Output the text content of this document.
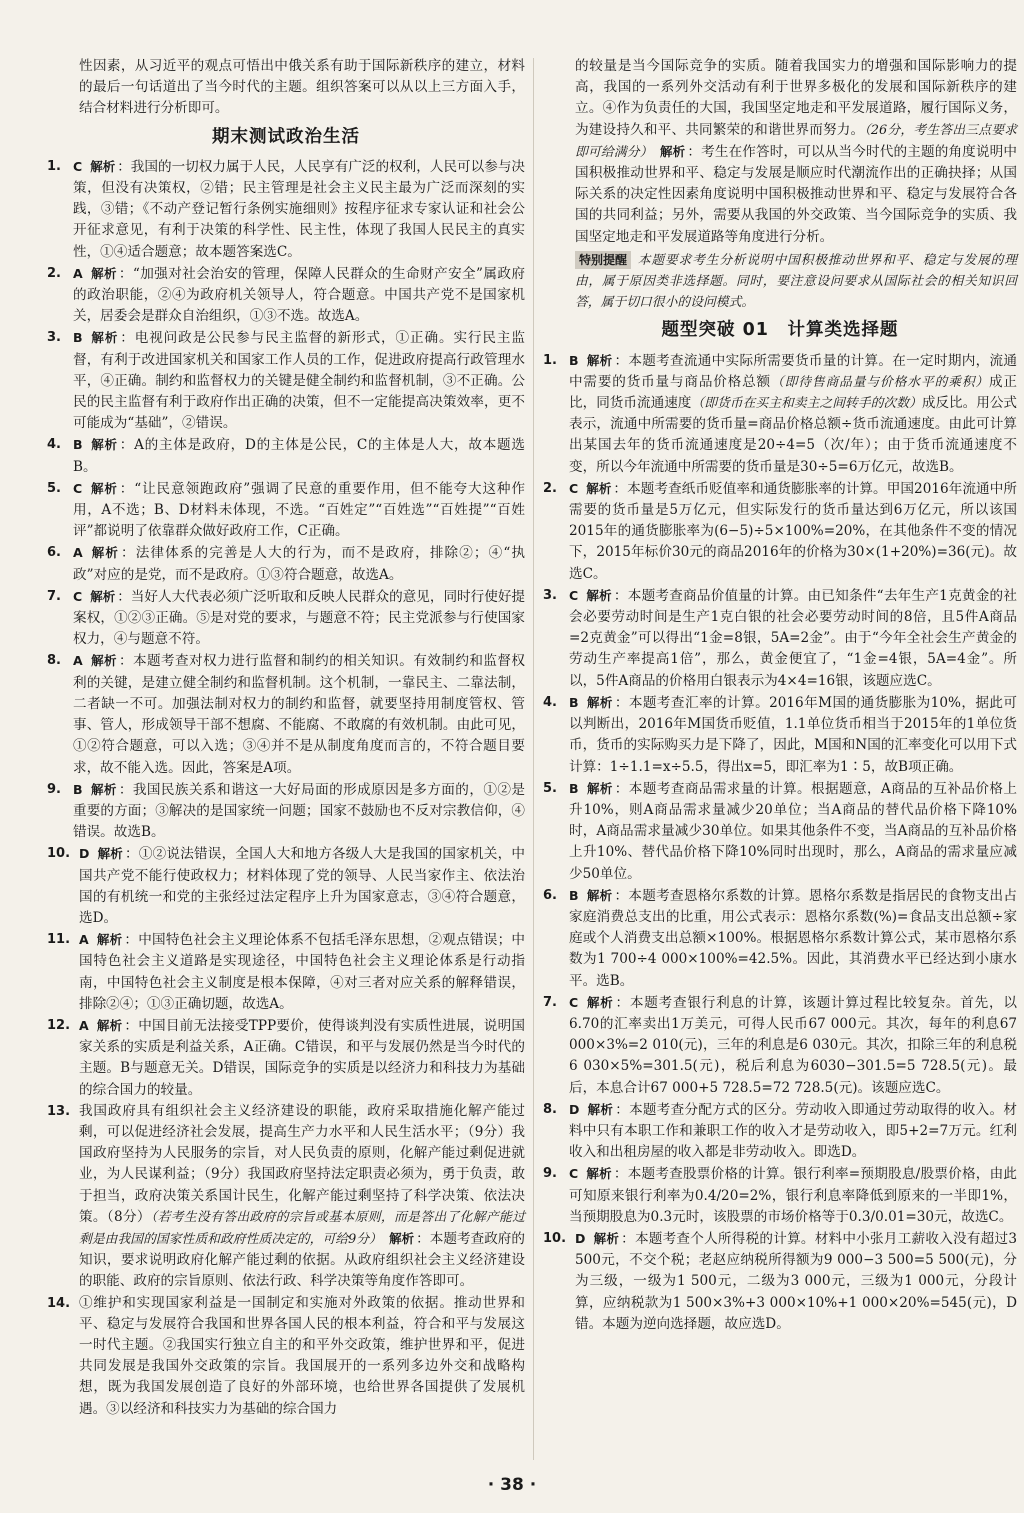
性因素，从习近平的观点可悟出中俄关系有助于国际新秩序的建立，材料的最后一句话道出了当今时代的主题。组织答案可以从以上三方面入手，结合材料进行分析即可。

期末测试政治生活
1. C 解析 ：我国的一切权力属于人民，人民享有广泛的权利，人民可以参与决策，但没有决策权，②错；民主管理是社会主义民主最为广泛而深刻的实践，③错；《不动产登记暂行条例实施细则》按程序征求专家认证和社会公开征求意见，有利于决策的科学性、民主性，体现了我国人民民主的真实性，①④适合题意；故本题答案选C。

2. A 解析 ：“加强对社会治安的管理，保障人民群众的生命财产安全”属政府的政治职能，②④为政府机关领导人，符合题意。中国共产党不是国家机关，居委会是群众自治组织，①③不选。故选A。

3. B 解析 ：电视问政是公民参与民主监督的新形式，①正确。实行民主监督，有利于改进国家机关和国家工作人员的工作，促进政府提高行政管理水平，④正确。制约和监督权力的关键是健全制约和监督机制，③不正确。公民的民主监督有利于政府作出正确的决策，但不一定能提高决策效率，更不可能成为“基础”，②错误。

4. B 解析 ：A的主体是政府，D的主体是公民，C的主体是人大，故本题选B。

5. C 解析 ：“让民意领跑政府”强调了民意的重要作用，但不能夸大这种作用，A不选；B、D材料未体现，不选。“百姓定”“百姓选”“百姓提”“百姓评”都说明了依靠群众做好政府工作，C正确。

6. A 解析 ：法律体系的完善是人大的行为，而不是政府，排除②；④“执政”对应的是党，而不是政府。①③符合题意，故选A。

7. C 解析 ：当好人大代表必须广泛听取和反映人民群众的意见，同时行使好提案权，①②③正确。⑤是对党的要求，与题意不符；民主党派参与行使国家权力，④与题意不符。

8. A 解析 ：本题考查对权力进行监督和制约的相关知识。有效制约和监督权利的关键，是建立健全制约和监督机制。这个机制，一靠民主、二靠法制，二者缺一不可。加强法制对权力的制约和监督，就要坚持用制度管权、管事、管人，形成领导干部不想腐、不能腐、不敢腐的有效机制。由此可见，①②符合题意，可以入选；③④并不是从制度角度而言的，不符合题目要求，故不能入选。因此，答案是A项。

9. B 解析 ：我国民族关系和谐这一大好局面的形成原因是多方面的，①②是重要的方面；③解决的是国家统一问题；国家不鼓励也不反对宗教信仰，④错误。故选B。

10. D 解析 ：①②说法错误，全国人大和地方各级人大是我国的国家机关，中国共产党不能行使政权力；材料体现了党的领导、人民当家作主、依法治国的有机统一和党的主张经过法定程序上升为国家意志，③④符合题意，选D。

11. A 解析 ：中国特色社会主义理论体系不包括毛泽东思想，②观点错误；中国特色社会主义道路是实现途径，中国特色社会主义理论体系是行动指南，中国特色社会主义制度是根本保障，④对三者对应关系的解释错误，排除②④；①③正确切题，故选A。

12. A 解析 ：中国目前无法接受TPP要价，使得谈判没有实质性进展，说明国家关系的实质是利益关系，A正确。C错误，和平与发展仍然是当今时代的主题。B与题意无关。D错误，国际竞争的实质是以经济力和科技力为基础的综合国力的较量。

13. 我国政府具有组织社会主义经济建设的职能，政府采取措施化解产能过剩，可以促进经济社会发展，提高生产力水平和人民生活水平；（9分）我国政府坚持为人民服务的宗旨，对人民负责的原则，化解产能过剩促进就业，为人民谋利益；（9分）我国政府坚持法定职责必须为，勇于负责，敢于担当，政府决策关系国计民生，化解产能过剩坚持了科学决策、依法决策。（8分）（若考生没有答出政府的宗旨或基本原则，而是答出了化解产能过剩是由我国的国家性质和政府性质决定的，可给9分）　 解析 ：本题考查政府的知识，要求说明政府化解产能过剩的依据。从政府组织社会主义经济建设的职能、政府的宗旨原则、依法行政、科学决策等角度作答即可。

14. ①维护和实现国家利益是一国制定和实施对外政策的依据。推动世界和平、稳定与发展符合我国和世界各国人民的根本利益，符合和平与发展这一时代主题。②我国实行独立自主的和平外交政策，维护世界和平，促进共同发展是我国外交政策的宗旨。我国展开的一系列多边外交和战略构想，既为我国发展创造了良好的外部环境，也给世界各国提供了发展机遇。③以经济和科技实力为基础的综合国力

的较量是当今国际竞争的实质。随着我国实力的增强和国际影响力的提高，我国的一系列外交活动有利于世界多极化的发展和国际新秩序的建立。④作为负责任的大国，我国坚定地走和平发展道路，履行国际义务，为建设持久和平、共同繁荣的和谐世界而努力。（26分，考生答出三点要求即可给满分）　 解析 ：考生在作答时，可以从当今时代的主题的角度说明中国积极推动世界和平、稳定与发展是顺应时代潮流作出的正确抉择；从国际关系的决定性因素角度说明中国积极推动世界和平、稳定与发展符合各国的共同利益；另外，需要从我国的外交政策、当今国际竞争的实质、我国坚定地走和平发展道路等角度进行分析。

特别提醒 本题要求考生分析说明中国积极推动世界和平、稳定与发展的理由，属于原因类非选择题。同时，要注意设问要求从国际社会的相关知识回答，属于切口很小的设问模式。

题型突破 01　计算类选择题
1. B 解析 ：本题考查流通中实际所需要货币量的计算。在一定时期内，流通中需要的货币量与商品价格总额（即待售商品量与价格水平的乘积）成正比，同货币流通速度（即货币在买主和卖主之间转手的次数）成反比。用公式表示，流通中所需要的货币量=商品价格总额÷货币流通速度。由此可计算出某国去年的货币流通速度是20÷4=5（次/年）；由于货币流通速度不变，所以今年流通中所需要的货币量是30÷5=6万亿元，故选B。

2. C 解析 ：本题考查纸币贬值率和通货膨胀率的计算。甲国2016年流通中所需要的货币量是5万亿元，但实际发行的货币量达到6万亿元，所以该国2015年的通货膨胀率为(6−5)÷5×100%=20%，在其他条件不变的情况下，2015年标价30元的商品2016年的价格为30×(1+20%)=36(元)。故选C。

3. C 解析 ：本题考查商品价值量的计算。由已知条件“去年生产1克黄金的社会必要劳动时间是生产1克白银的社会必要劳动时间的8倍，且5件A商品=2克黄金”可以得出“1金=8银，5A=2金”。由于“今年全社会生产黄金的劳动生产率提高1倍”，那么，黄金便宜了，“1金=4银，5A=4金”。所以，5件A商品的价格用白银表示为4×4=16银，该题应选C。

4. B 解析 ：本题考查汇率的计算。2016年M国的通货膨胀为10%，据此可以判断出，2016年M国货币贬值，1.1单位货币相当于2015年的1单位货币，货币的实际购买力是下降了，因此，M国和N国的汇率变化可以用下式计算：1÷1.1=x÷5.5，得出x=5，即汇率为1∶5，故B项正确。

5. B 解析 ：本题考查商品需求量的计算。根据题意，A商品的互补品价格上升10%，则A商品需求量减少20单位；当A商品的替代品价格下降10%时，A商品需求量减少30单位。如果其他条件不变，当A商品的互补品价格上升10%、替代品价格下降10%同时出现时，那么，A商品的需求量应减少50单位。

6. B 解析 ：本题考查恩格尔系数的计算。恩格尔系数是指居民的食物支出占家庭消费总支出的比重，用公式表示：恩格尔系数(%)=食品支出总额÷家庭或个人消费支出总额×100%。根据恩格尔系数计算公式，某市恩格尔系数为1 700÷4 000×100%=42.5%。因此，其消费水平已经达到小康水平。选B。

7. C 解析 ：本题考查银行利息的计算，该题计算过程比较复杂。首先，以6.70的汇率卖出1万美元，可得人民币67 000元。其次，每年的利息67 000×3%=2 010(元)，三年的利息是6 030元。其次，扣除三年的利息税6 030×5%=301.5(元)，税后利息为6030−301.5=5 728.5(元)。最后，本息合计67 000+5 728.5=72 728.5(元)。该题应选C。

8. D 解析 ：本题考查分配方式的区分。劳动收入即通过劳动取得的收入。材料中只有本职工作和兼职工作的收入才是劳动收入，即5+2=7万元。红利收入和出租房屋的收入都是非劳动收入。即选D。

9. C 解析 ：本题考查股票价格的计算。银行利率=预期股息/股票价格，由此可知原来银行利率为0.4/20=2%，银行利息率降低到原来的一半即1%，当预期股息为0.3元时，该股票的市场价格等于0.3/0.01=30元，故选C。

10. D 解析 ：本题考查个人所得税的计算。材料中小张月工薪收入没有超过3 500元，不交个税；老赵应纳税所得额为9 000−3 500=5 500(元)，分为三级，一级为1 500元，二级为3 000元，三级为1 000元，分段计算，应纳税款为1 500×3%+3 000×10%+1 000×20%=545(元)，D错。本题为逆向选择题，故应选D。

· 38 ·
